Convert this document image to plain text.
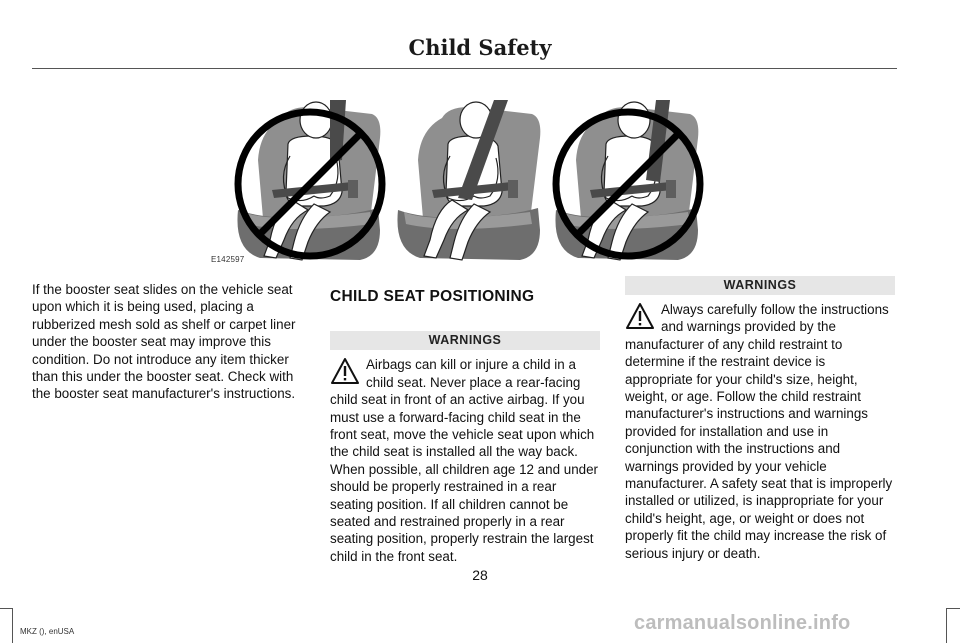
Child Safety
E142597

If the booster seat slides on the vehicle seat upon which it is being used, placing a rubberized mesh sold as shelf or carpet liner under the booster seat may improve this condition. Do not introduce any item thicker than this under the booster seat. Check with the booster seat manufacturer's instructions.

CHILD SEAT POSITIONING
WARNINGS
Airbags can kill or injure a child in a child seat. Never place a rear-facing child seat in front of an active airbag. If you must use a forward-facing child seat in the front seat, move the vehicle seat upon which the child seat is installed all the way back. When possible, all children age 12 and under should be properly restrained in a rear seating position. If all children cannot be seated and restrained properly in a rear seating position, properly restrain the largest child in the front seat.
WARNINGS
Always carefully follow the instructions and warnings provided by the manufacturer of any child restraint to determine if the restraint device is appropriate for your child's size, height, weight, or age. Follow the child restraint manufacturer's instructions and warnings provided for installation and use in conjunction with the instructions and warnings provided by your vehicle manufacturer. A safety seat that is improperly installed or utilized, is inappropriate for your child's height, age, or weight or does not properly fit the child may increase the risk of serious injury or death.
28
MKZ (), enUSA	carmanualsonline.info
